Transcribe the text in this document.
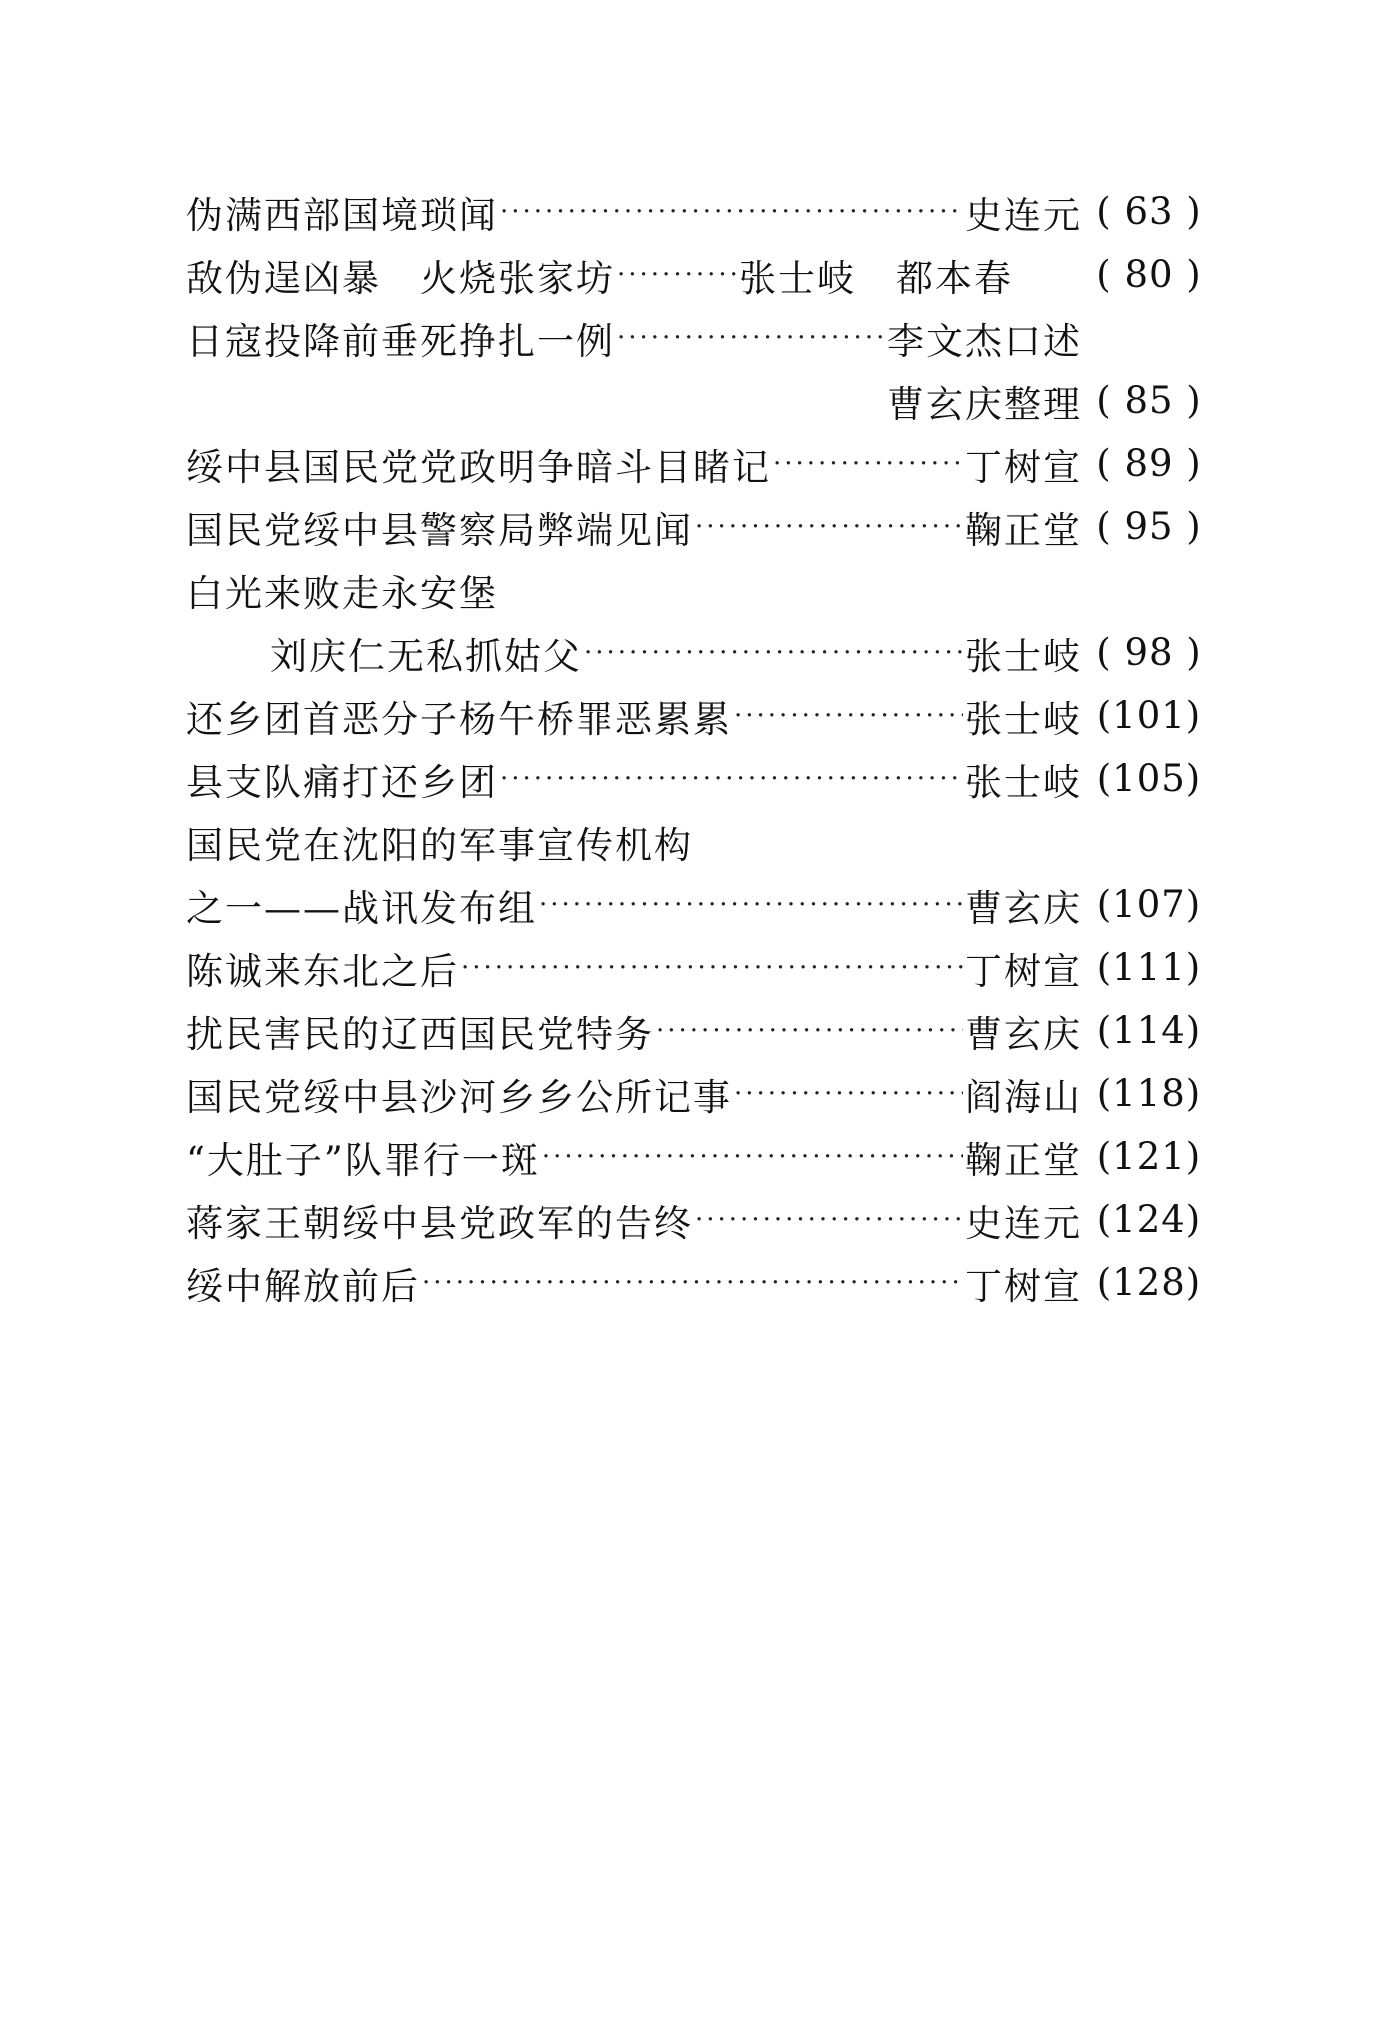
伪满西部国境琐闻 ·····	史连元 ( 63 )
敌伪逞凶暴　火烧张家坊 ·····	张士岐 都本春	( 80 )
日寇投降前垂死挣扎一例 ·····	李文杰口述
曹玄庆整理 ( 85 )
绥中县国民党党政明争暗斗目睹记 ·····	丁树宣 ( 89 )
国民党绥中县警察局弊端见闻 ·····	鞠正堂 ( 95 )
白光来败走永安堡
刘庆仁无私抓姑父 ·····	张士岐 ( 98 )
还乡团首恶分子杨午桥罪恶累累 ·····	张士岐 (101)
县支队痛打还乡团 ·····	张士岐 (105)
国民党在沈阳的军事宣传机构
之一——战讯发布组 ·····	曹玄庆 (107)
陈诚来东北之后 ·····	丁树宣 (111)
扰民害民的辽西国民党特务 ·····	曹玄庆 (114)
国民党绥中县沙河乡乡公所记事 ·····	阎海山 (118)
“大肚子”队罪行一斑 ·····	鞠正堂 (121)
蒋家王朝绥中县党政军的告终 ·····	史连元 (124)
绥中解放前后 ·····	丁树宣 (128)
